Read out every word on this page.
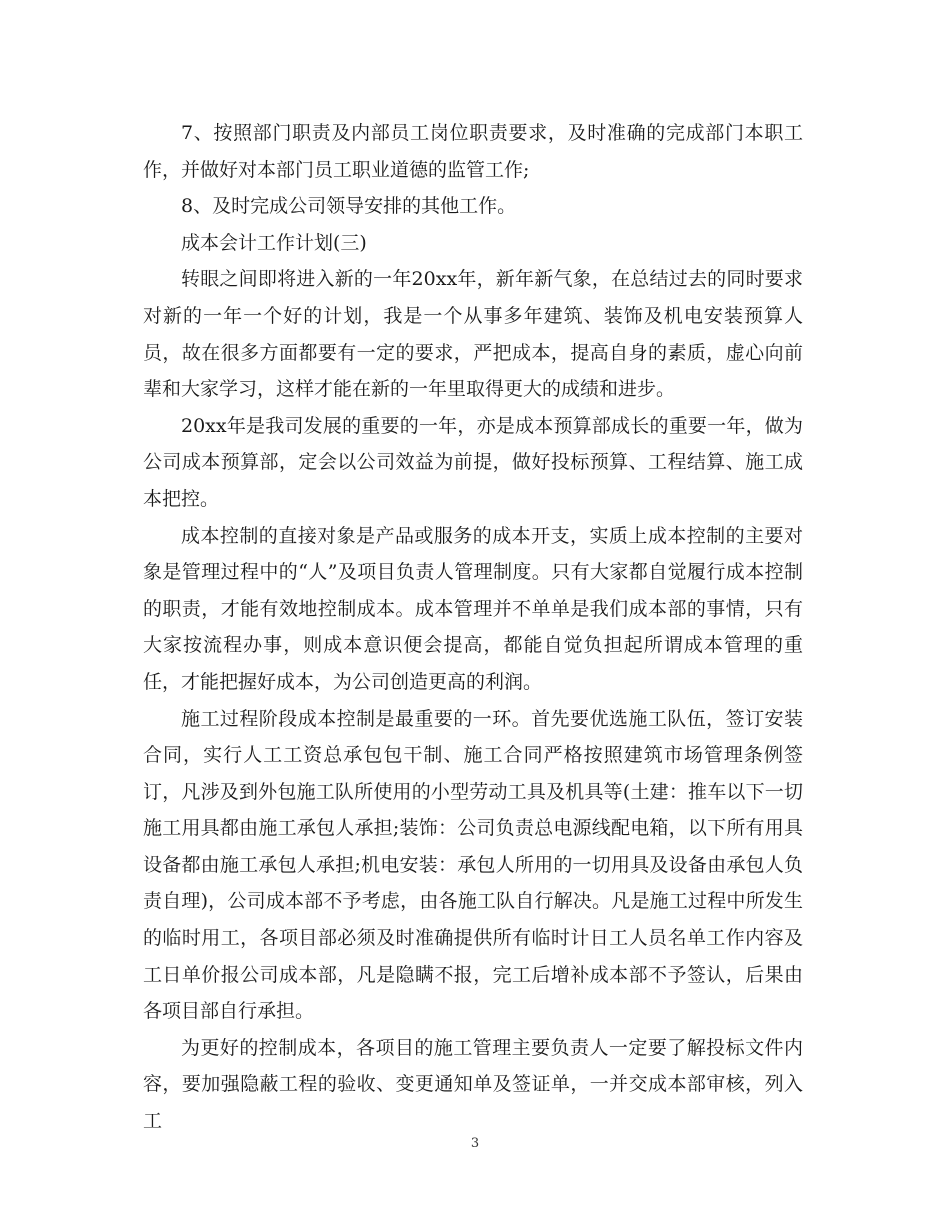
7、按照部门职责及内部员工岗位职责要求，及时准确的完成部门本职工作，并做好对本部门员工职业道德的监管工作;

8、及时完成公司领导安排的其他工作。

成本会计工作计划(三)

转眼之间即将进入新的一年20xx年，新年新气象，在总结过去的同时要求对新的一年一个好的计划，我是一个从事多年建筑、装饰及机电安装预算人员，故在很多方面都要有一定的要求，严把成本，提高自身的素质，虚心向前辈和大家学习，这样才能在新的一年里取得更大的成绩和进步。

20xx年是我司发展的重要的一年，亦是成本预算部成长的重要一年，做为公司成本预算部，定会以公司效益为前提，做好投标预算、工程结算、施工成本把控。

成本控制的直接对象是产品或服务的成本开支，实质上成本控制的主要对象是管理过程中的“人”及项目负责人管理制度。只有大家都自觉履行成本控制的职责，才能有效地控制成本。成本管理并不单单是我们成本部的事情，只有大家按流程办事，则成本意识便会提高，都能自觉负担起所谓成本管理的重任，才能把握好成本，为公司创造更高的利润。

施工过程阶段成本控制是最重要的一环。首先要优选施工队伍，签订安装合同，实行人工工资总承包包干制、施工合同严格按照建筑市场管理条例签订，凡涉及到外包施工队所使用的小型劳动工具及机具等(土建：推车以下一切施工用具都由施工承包人承担;装饰：公司负责总电源线配电箱，以下所有用具设备都由施工承包人承担;机电安装：承包人所用的一切用具及设备由承包人负责自理)，公司成本部不予考虑，由各施工队自行解决。凡是施工过程中所发生的临时用工，各项目部必须及时准确提供所有临时计日工人员名单工作内容及工日单价报公司成本部，凡是隐瞒不报，完工后增补成本部不予签认，后果由各项目部自行承担。

为更好的控制成本，各项目的施工管理主要负责人一定要了解投标文件内容，要加强隐蔽工程的验收、变更通知单及签证单，一并交成本部审核，列入工

3
